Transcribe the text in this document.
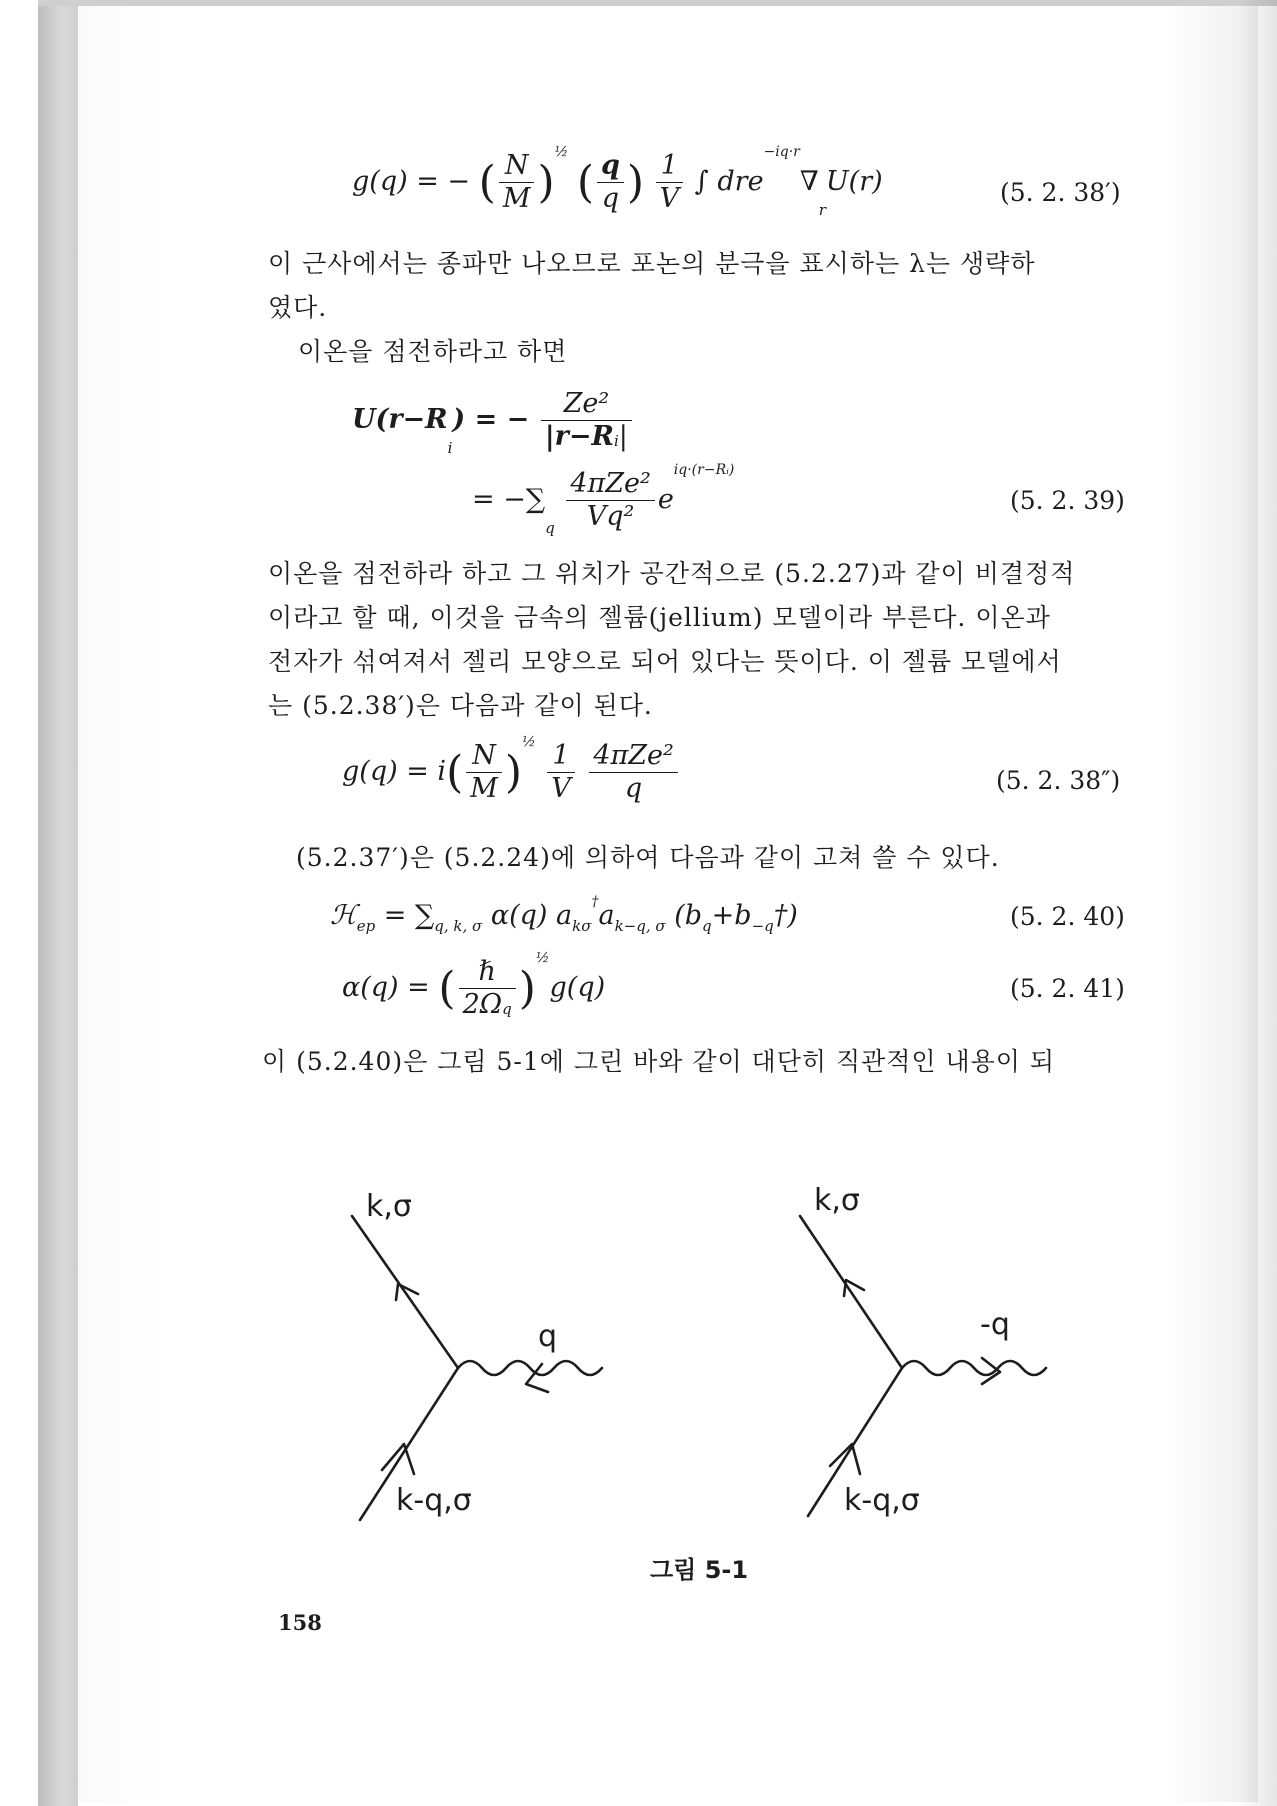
g(q) = − ( $\frac{N}{M} )^{\frac{1}{2}}$ ( $\frac{q}{q}$ ) $\frac{1}{V}$ ∫ dre$^{-iq\cdot r}$∇rU(r)	(5. 2. 38′)
이 근사에서는 종파만 나오므로 포논의 분극을 표시하는 λ는 생략하
였다.
이온을 점전하라고 하면
U(r−Ri) = − $\frac{\text{Ze²}}{|r-Ri|}$
= $-\sum q \frac{\text{4πZe²}}{\text{Vq²}} e^{iq\cdot(r-Rᵢ)}$
(5. 2. 39)
이온을 점전하라 하고 그 위치가 공간적으로 (5.2.27)과 같이 비결정적
이라고 할 때, 이것을 금속의 젤륨(jellium) 모델이라 부른다. 이온과
전자가 섞여져서 젤리 모양으로 되어 있다는 뜻이다. 이 젤륨 모델에서
는 (5.2.38′)은 다음과 같이 된다.
$g(q) = i( \frac{N}{M} )^{\frac{1}{2}} \frac{1}{V}$
$\frac{\text{4πZe²}}{q}$	(5. 2. 38″)
(5.2.37′)은 (5.2.24)에 의하여 다음과 같이 고쳐 쓸 수 있다.
ℋep = ∑q, k, σ α(q) akσ†ak−q, σ (bq+b−q†)	(5. 2. 40)
α(q) = ( $\frac{\text{ℏ}}{2\Omega q} )^{\frac{1}{2}}g(q)$	(5. 2. 41)
이 (5.2.40)은 그림 5-1에 그린 바와 같이 대단히 직관적인 내용이 되
k,σ
q
k-q,σ
k,σ
-q
k-q,σ
그림 5-1
158
